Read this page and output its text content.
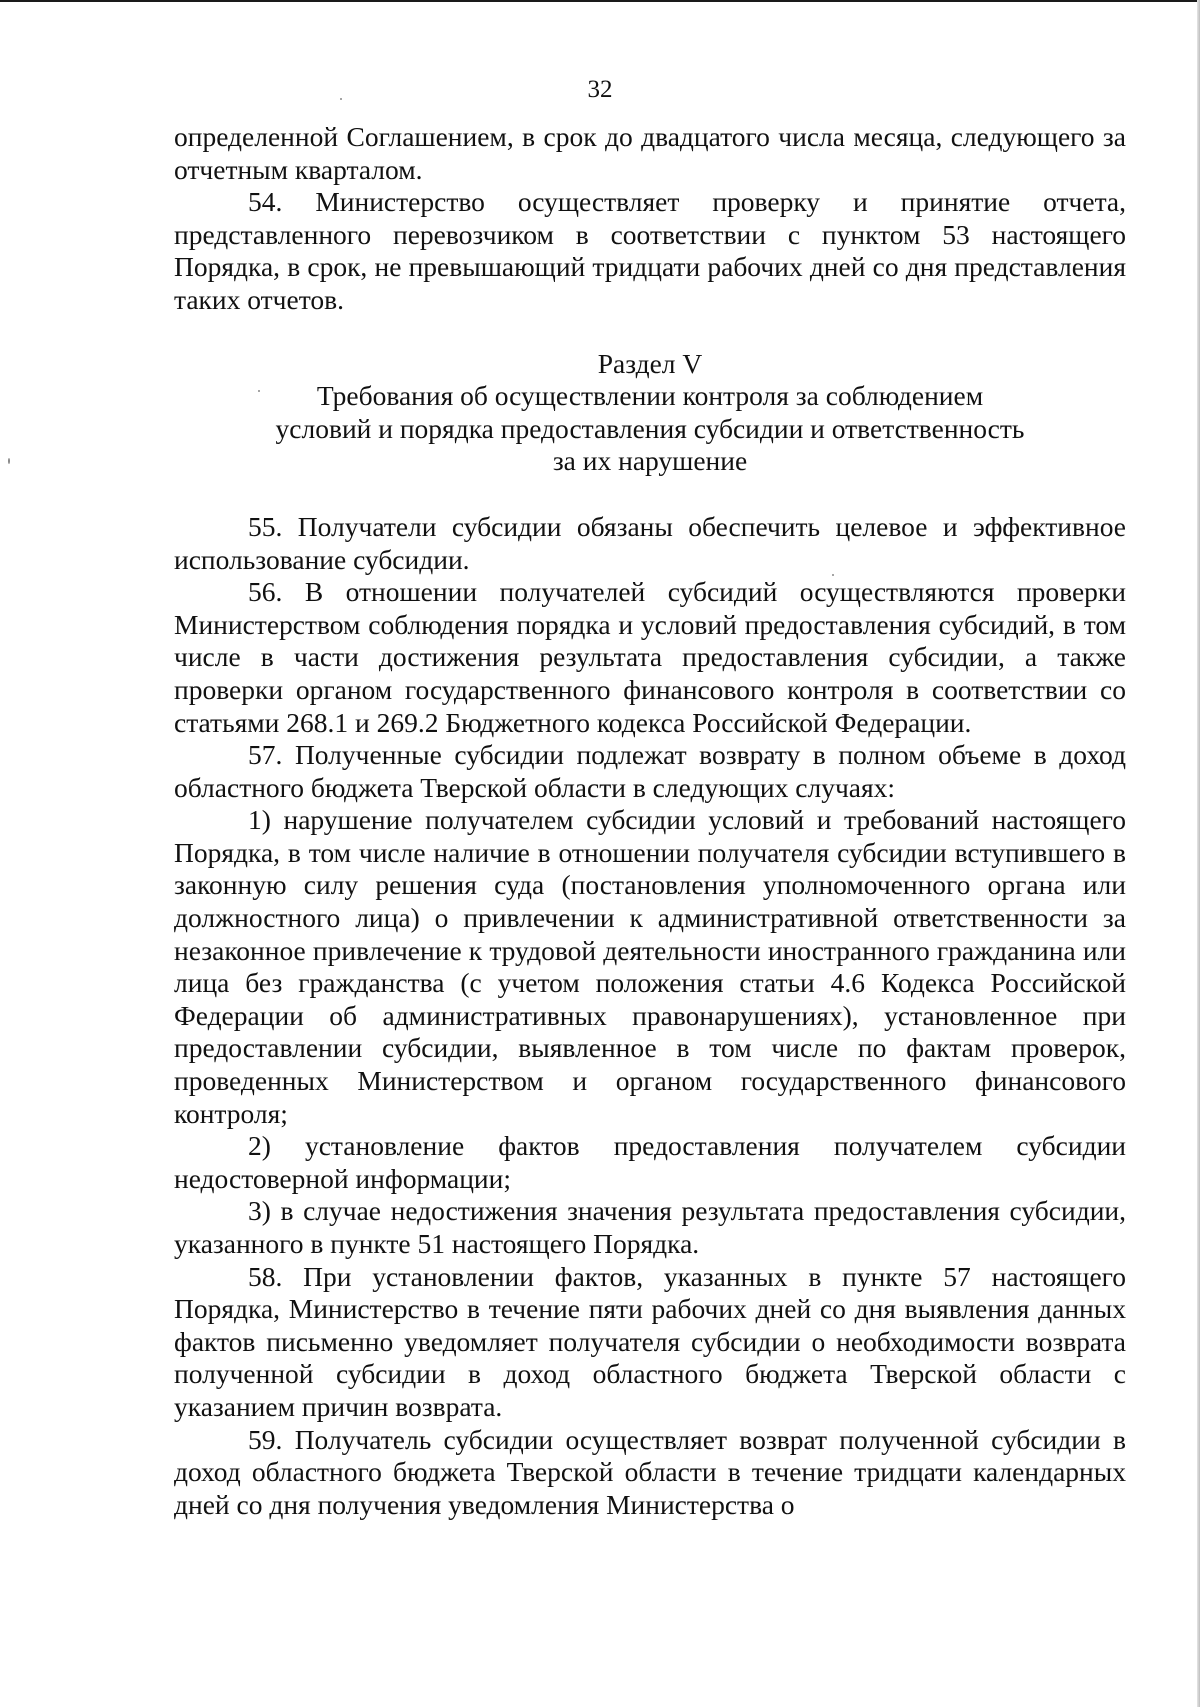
32

определенной Соглашением, в срок до двадцатого числа месяца, следующего за отчетным кварталом.

54. Министерство осуществляет проверку и принятие отчета, представленного перевозчиком в соответствии с пунктом 53 настоящего Порядка, в срок, не превышающий тридцати рабочих дней со дня представления таких отчетов.

Раздел V
Требования об осуществлении контроля за соблюдением
условий и порядка предоставления субсидии и ответственность
за их нарушение

55. Получатели субсидии обязаны обеспечить целевое и эффективное использование субсидии.

56. В отношении получателей субсидий осуществляются проверки Министерством соблюдения порядка и условий предоставления субсидий, в том числе в части достижения результата предоставления субсидии, а также проверки органом государственного финансового контроля в соответствии со статьями 268.1 и 269.2 Бюджетного кодекса Российской Федерации.

57. Полученные субсидии подлежат возврату в полном объеме в доход областного бюджета Тверской области в следующих случаях:

1) нарушение получателем субсидии условий и требований настоящего Порядка, в том числе наличие в отношении получателя субсидии вступившего в законную силу решения суда (постановления уполномоченного органа или должностного лица) о привлечении к административной ответственности за незаконное привлечение к трудовой деятельности иностранного гражданина или лица без гражданства (с учетом положения статьи 4.6 Кодекса Российской Федерации об административных правонарушениях), установленное при предоставлении субсидии, выявленное в том числе по фактам проверок, проведенных Министерством и органом государственного финансового контроля;

2) установление фактов предоставления получателем субсидии недостоверной информации;

3) в случае недостижения значения результата предоставления субсидии, указанного в пункте 51 настоящего Порядка.

58. При установлении фактов, указанных в пункте 57 настоящего Порядка, Министерство в течение пяти рабочих дней со дня выявления данных фактов письменно уведомляет получателя субсидии о необходимости возврата полученной субсидии в доход областного бюджета Тверской области с указанием причин возврата.

59. Получатель субсидии осуществляет возврат полученной субсидии в доход областного бюджета Тверской области в течение тридцати календарных дней со дня получения уведомления Министерства о
